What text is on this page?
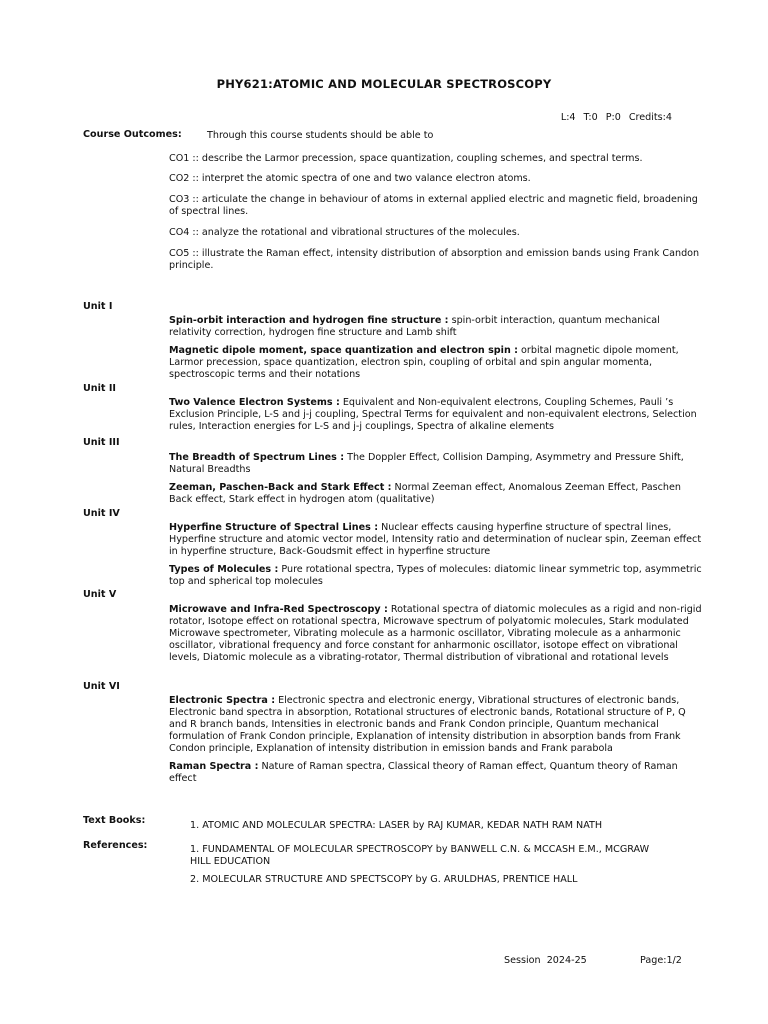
PHY621:ATOMIC AND MOLECULAR SPECTROSCOPY

L:4 T:0 P:0 Credits:4

Course Outcomes:	Through this course students should be able to
CO1 :: describe the Larmor precession, space quantization, coupling schemes, and spectral terms.
CO2 :: interpret the atomic spectra of one and two valance electron atoms.
CO3 :: articulate the change in behaviour of atoms in external applied electric and magnetic field, broadening of spectral lines.
CO4 :: analyze the rotational and vibrational structures of the molecules.
CO5 :: illustrate the Raman effect, intensity distribution of absorption and emission bands using Frank Candon principle.
Unit I
Spin-orbit interaction and hydrogen fine structure : spin-orbit interaction, quantum mechanical relativity correction, hydrogen fine structure and Lamb shift
Magnetic dipole moment, space quantization and electron spin : orbital magnetic dipole moment, Larmor precession, space quantization, electron spin, coupling of orbital and spin angular momenta, spectroscopic terms and their notations
Unit II
Two Valence Electron Systems : Equivalent and Non-equivalent electrons, Coupling Schemes, Pauli ’s Exclusion Principle, L-S and j-j coupling, Spectral Terms for equivalent and non-equivalent electrons, Selection rules, Interaction energies for L-S and j-j couplings, Spectra of alkaline elements
Unit III
The Breadth of Spectrum Lines : The Doppler Effect, Collision Damping, Asymmetry and Pressure Shift, Natural Breadths
Zeeman, Paschen-Back and Stark Effect : Normal Zeeman effect, Anomalous Zeeman Effect, Paschen Back effect, Stark effect in hydrogen atom (qualitative)
Unit IV
Hyperfine Structure of Spectral Lines : Nuclear effects causing hyperfine structure of spectral lines, Hyperfine structure and atomic vector model, Intensity ratio and determination of nuclear spin, Zeeman effect in hyperfine structure, Back-Goudsmit effect in hyperfine structure
Types of Molecules : Pure rotational spectra, Types of molecules: diatomic linear symmetric top, asymmetric top and spherical top molecules
Unit V
Microwave and Infra-Red Spectroscopy : Rotational spectra of diatomic molecules as a rigid and non-rigid rotator, Isotope effect on rotational spectra, Microwave spectrum of polyatomic molecules, Stark modulated Microwave spectrometer, Vibrating molecule as a harmonic oscillator, Vibrating molecule as a anharmonic oscillator, vibrational frequency and force constant for anharmonic oscillator, isotope effect on vibrational levels, Diatomic molecule as a vibrating-rotator, Thermal distribution of vibrational and rotational levels
Unit VI
Electronic Spectra : Electronic spectra and electronic energy, Vibrational structures of electronic bands, Electronic band spectra in absorption, Rotational structures of electronic bands, Rotational structure of P, Q and R branch bands, Intensities in electronic bands and Frank Condon principle, Quantum mechanical formulation of Frank Condon principle, Explanation of intensity distribution in absorption bands from Frank Condon principle, Explanation of intensity distribution in emission bands and Frank parabola
Raman Spectra : Nature of Raman spectra, Classical theory of Raman effect, Quantum theory of Raman effect
Text Books:	1. ATOMIC AND MOLECULAR SPECTRA: LASER by RAJ KUMAR, KEDAR NATH RAM NATH
References:	1. FUNDAMENTAL OF MOLECULAR SPECTROSCOPY by BANWELL C.N. & MCCASH E.M., MCGRAW HILL EDUCATION
2. MOLECULAR STRUCTURE AND SPECTSCOPY by G. ARULDHAS, PRENTICE HALL
Session  2024-25	Page:1/2
